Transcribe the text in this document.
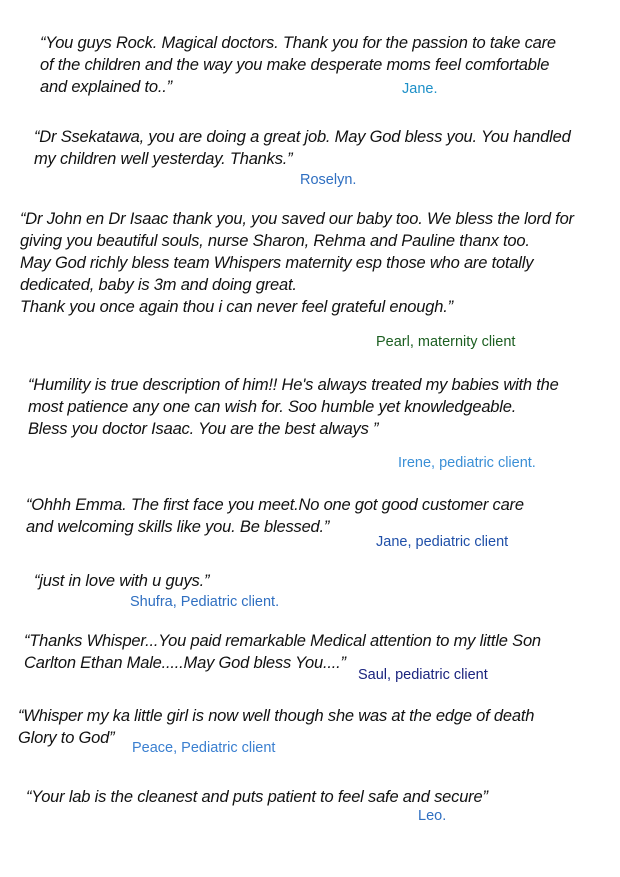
“You guys Rock. Magical doctors. Thank you for the passion to take care
of the children and the way you make desperate moms feel comfortable
and explained to..”	Jane.
“Dr Ssekatawa, you are doing a great job. May God bless you. You handled
my children well yesterday. Thanks.”
Roselyn.
“Dr John en Dr Isaac thank you, you saved our baby too. We bless the lord for
giving you beautiful souls, nurse Sharon, Rehma and Pauline thanx too.
May God richly bless team Whispers maternity esp those who are totally
dedicated, baby is 3m and doing great.
Thank you once again thou i can never feel grateful enough.”
Pearl, maternity client
“Humility is true description of him!! He's always treated my babies with the
most patience any one can wish for. Soo humble yet knowledgeable.
Bless you doctor Isaac. You are the best always ”
Irene, pediatric client.
“Ohhh Emma. The first face you meet.No one got good customer care
and welcoming skills like you. Be blessed.”
Jane, pediatric client
“just in love with u guys.”
Shufra, Pediatric client.
“Thanks Whisper...You paid remarkable Medical attention to my little Son
Carlton Ethan Male.....May God bless You....”
Saul, pediatric client
“Whisper my ka little girl is now well though she was at the edge of death
Glory to God”
Peace, Pediatric client
“Your lab is the cleanest and puts patient to feel safe and secure”
Leo.
